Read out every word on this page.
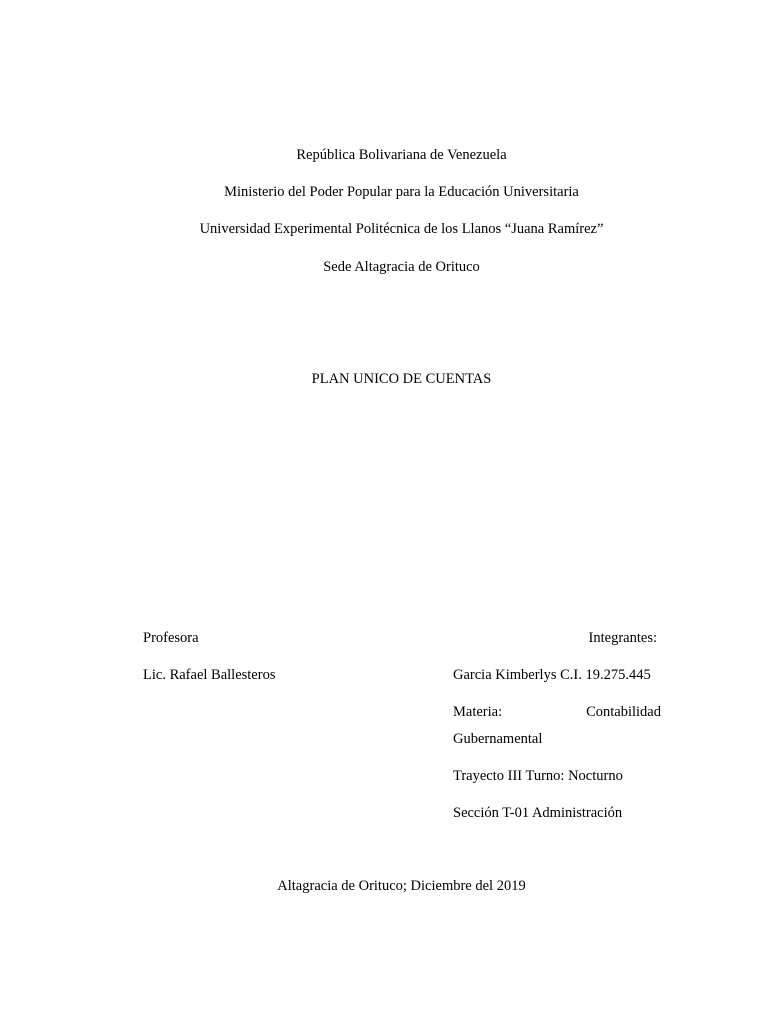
República Bolivariana de Venezuela
Ministerio del Poder Popular para la Educación Universitaria
Universidad Experimental Politécnica de los Llanos “Juana Ramírez”
Sede Altagracia de Orituco
PLAN UNICO DE CUENTAS
Profesora
Lic. Rafael Ballesteros
Integrantes:
Garcia Kimberlys C.I. 19.275.445
Materia:	Contabilidad
Gubernamental
Trayecto III Turno: Nocturno
Sección T-01 Administración
Altagracia de Orituco; Diciembre del 2019
